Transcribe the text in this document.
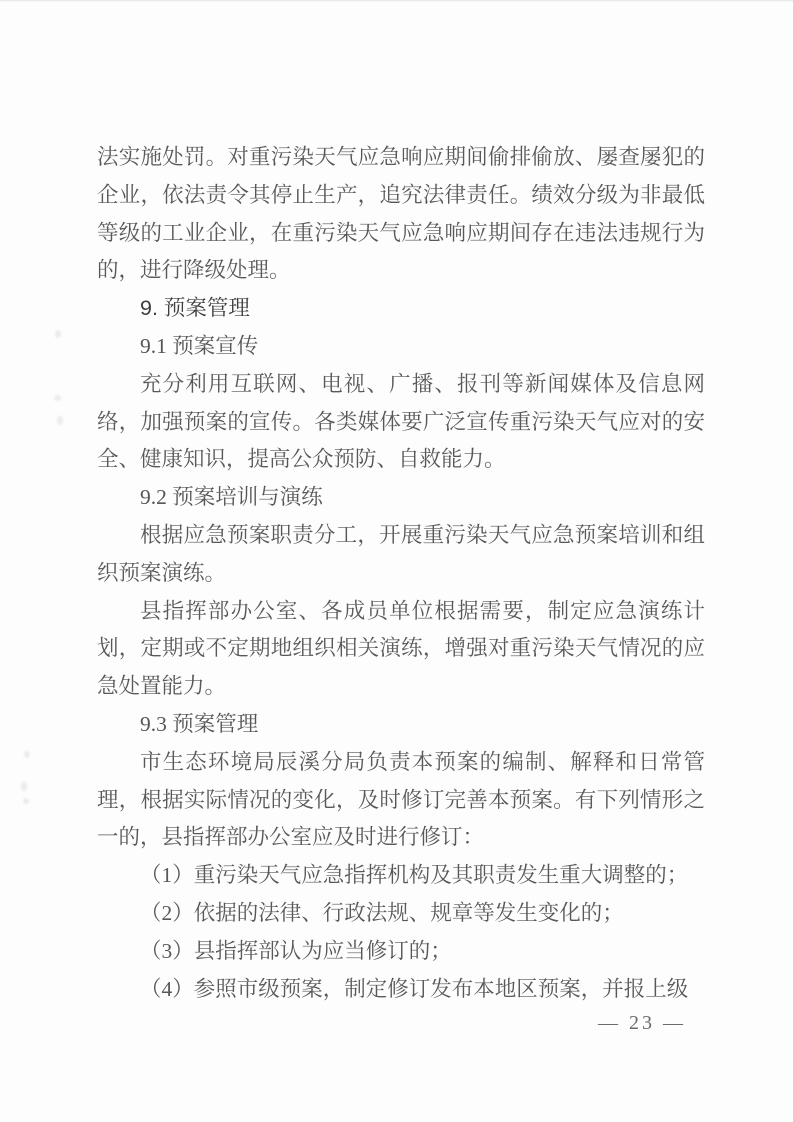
法实施处罚。对重污染天气应急响应期间偷排偷放、屡查屡犯的企业，依法责令其停止生产，追究法律责任。绩效分级为非最低等级的工业企业，在重污染天气应急响应期间存在违法违规行为的，进行降级处理。

9. 预案管理
9.1 预案宣传

充分利用互联网、电视、广播、报刊等新闻媒体及信息网络，加强预案的宣传。各类媒体要广泛宣传重污染天气应对的安全、健康知识，提高公众预防、自救能力。

9.2 预案培训与演练

根据应急预案职责分工，开展重污染天气应急预案培训和组织预案演练。

县指挥部办公室、各成员单位根据需要，制定应急演练计划，定期或不定期地组织相关演练，增强对重污染天气情况的应急处置能力。

9.3 预案管理

市生态环境局辰溪分局负责本预案的编制、解释和日常管理，根据实际情况的变化，及时修订完善本预案。有下列情形之一的，县指挥部办公室应及时进行修订：

（1）重污染天气应急指挥机构及其职责发生重大调整的；

（2）依据的法律、行政法规、规章等发生变化的；

（3）县指挥部认为应当修订的；

（4）参照市级预案，制定修订发布本地区预案，并报上级

— 23 —
